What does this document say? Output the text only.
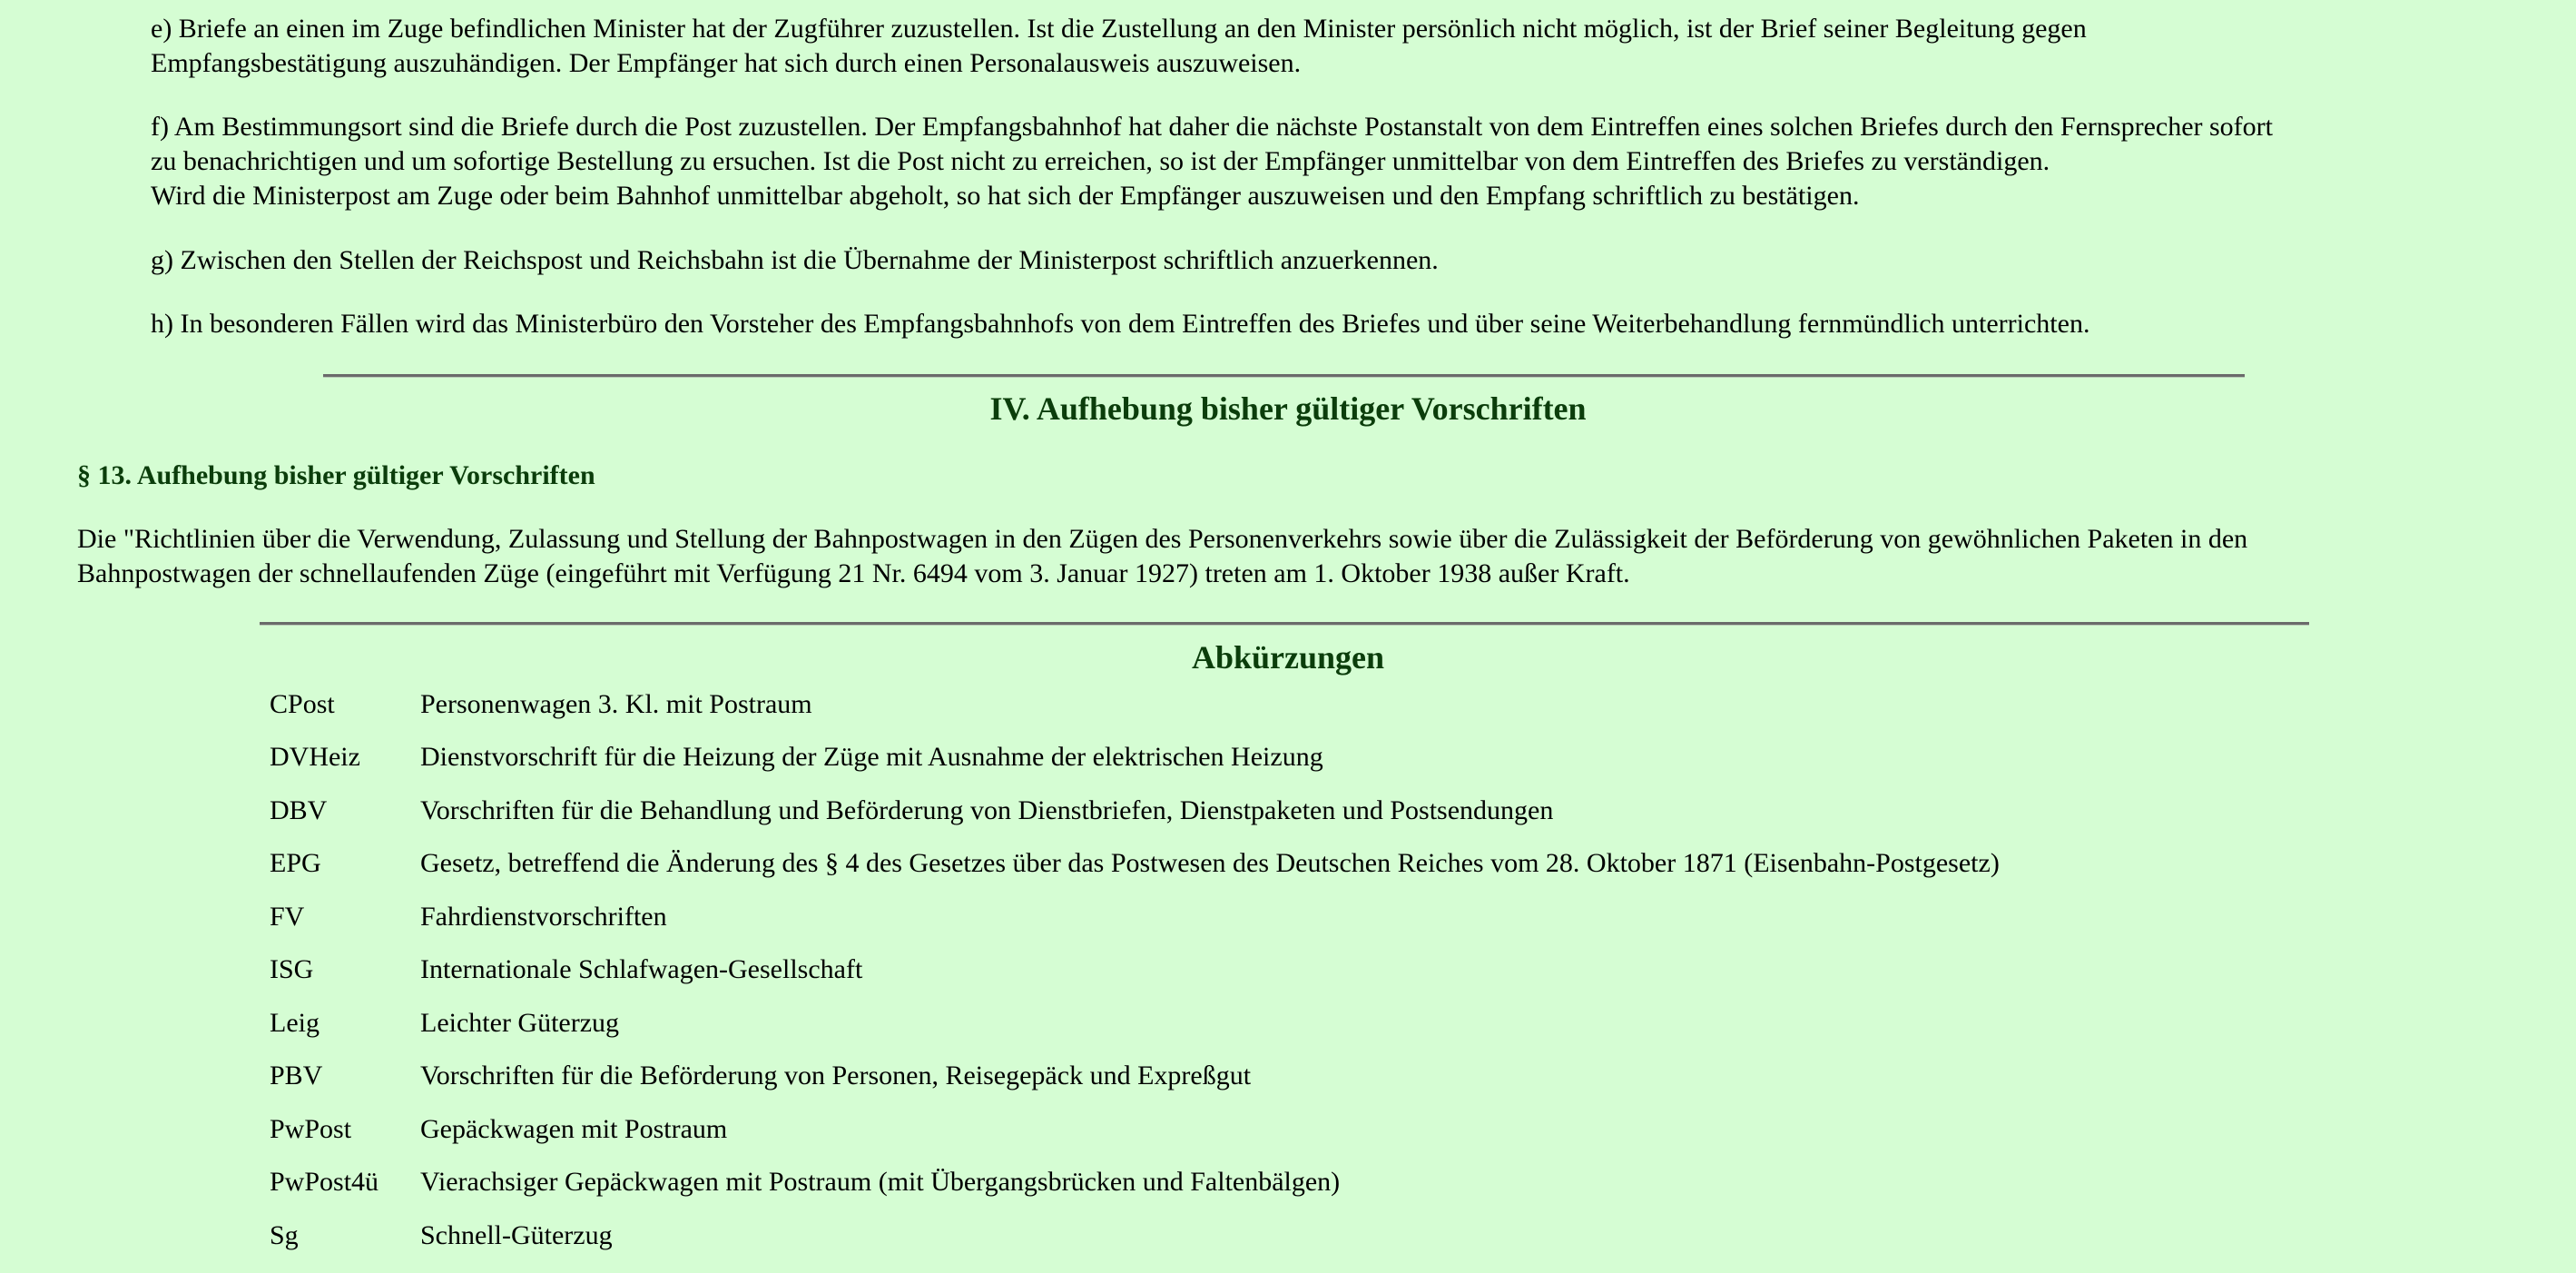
e) Briefe an einen im Zuge befindlichen Minister hat der Zugführer zuzustellen. Ist die Zustellung an den Minister persönlich nicht möglich, ist der Brief seiner Begleitung gegen
Empfangsbestätigung auszuhändigen. Der Empfänger hat sich durch einen Personalausweis auszuweisen.
f) Am Bestimmungsort sind die Briefe durch die Post zuzustellen. Der Empfangsbahnhof hat daher die nächste Postanstalt von dem Eintreffen eines solchen Briefes durch den Fernsprecher sofort
zu benachrichtigen und um sofortige Bestellung zu ersuchen. Ist die Post nicht zu erreichen, so ist der Empfänger unmittelbar von dem Eintreffen des Briefes zu verständigen.
Wird die Ministerpost am Zuge oder beim Bahnhof unmittelbar abgeholt, so hat sich der Empfänger auszuweisen und den Empfang schriftlich zu bestätigen.
g) Zwischen den Stellen der Reichspost und Reichsbahn ist die Übernahme der Ministerpost schriftlich anzuerkennen.
h) In besonderen Fällen wird das Ministerbüro den Vorsteher des Empfangsbahnhofs von dem Eintreffen des Briefes und über seine Weiterbehandlung fernmündlich unterrichten.
IV. Aufhebung bisher gültiger Vorschriften
§ 13. Aufhebung bisher gültiger Vorschriften
Die "Richtlinien über die Verwendung, Zulassung und Stellung der Bahnpostwagen in den Zügen des Personenverkehrs sowie über die Zulässigkeit der Beförderung von gewöhnlichen Paketen in den
Bahnpostwagen der schnellaufenden Züge (eingeführt mit Verfügung 21 Nr. 6494 vom 3. Januar 1927) treten am 1. Oktober 1938 außer Kraft.
Abkürzungen
CPost	Personenwagen 3. Kl. mit Postraum
DVHeiz Dienstvorschrift für die Heizung der Züge mit Ausnahme der elektrischen Heizung
DBV	Vorschriften für die Behandlung und Beförderung von Dienstbriefen, Dienstpaketen und Postsendungen
EPG	Gesetz, betreffend die Änderung des § 4 des Gesetzes über das Postwesen des Deutschen Reiches vom 28. Oktober 1871 (Eisenbahn-Postgesetz)
FV	Fahrdienstvorschriften
ISG	Internationale Schlafwagen-Gesellschaft
Leig	Leichter Güterzug
PBV	Vorschriften für die Beförderung von Personen, Reisegepäck und Expreßgut
PwPost	Gepäckwagen mit Postraum
PwPost4ü Vierachsiger Gepäckwagen mit Postraum (mit Übergangsbrücken und Faltenbälgen)
Sg	Schnell-Güterzug
